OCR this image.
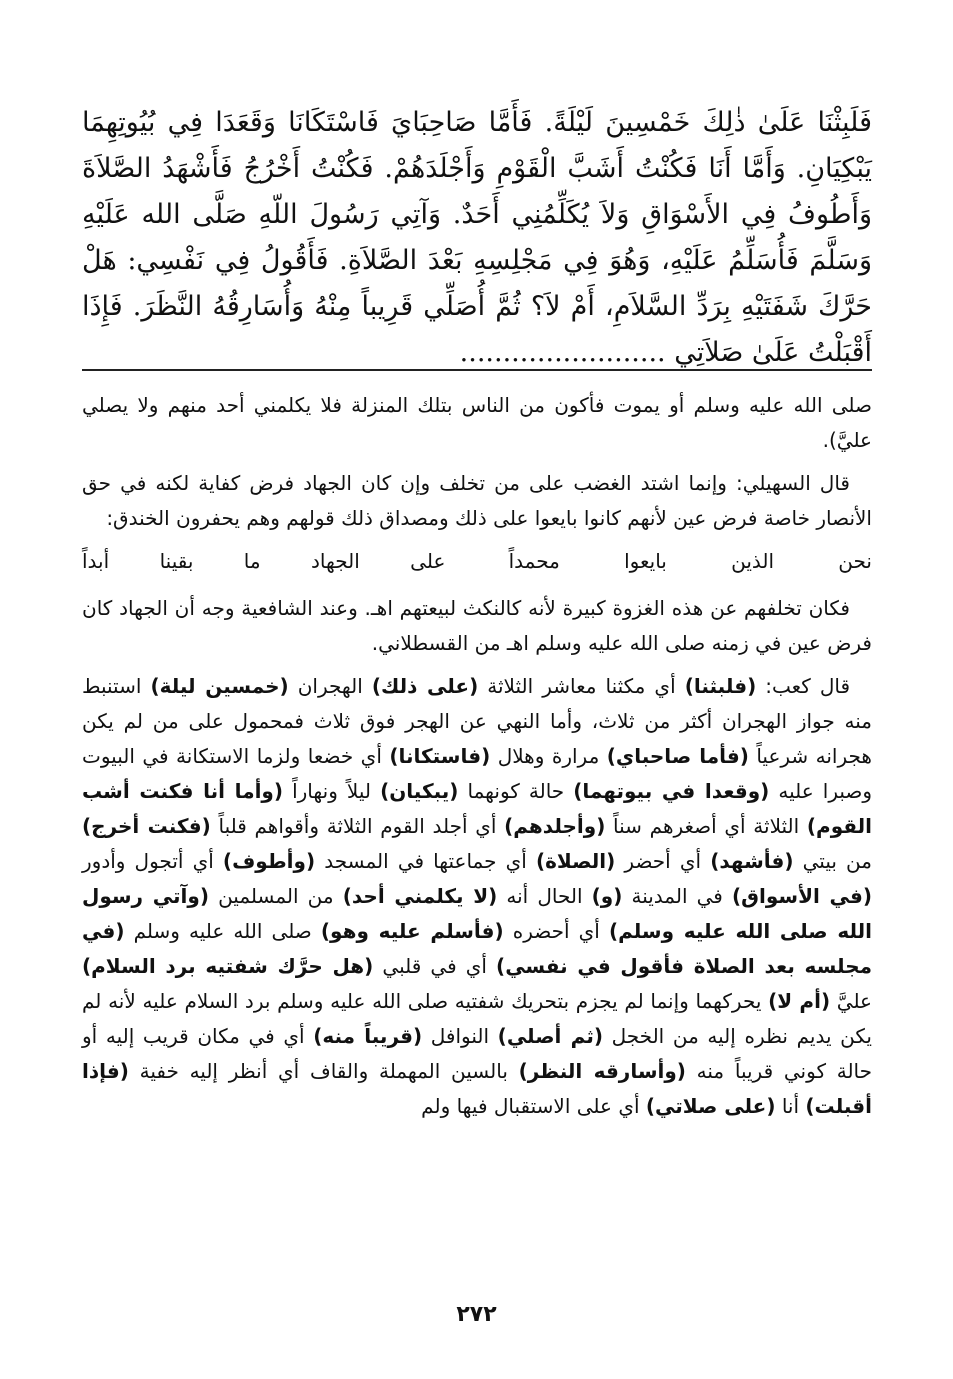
فَلَبِثْنَا عَلَىٰ ذٰلِكَ خَمْسِينَ لَيْلَةً. فَأَمَّا صَاحِبَايَ فَاسْتَكَانَا وَقَعَدَا فِي بُيُوتِهِمَا يَبْكِيَانِ. وَأَمَّا أَنَا فَكُنْتُ أَشَبَّ الْقَوْمِ وَأَجْلَدَهُمْ. فَكُنْتُ أَخْرُجُ فَأَشْهَدُ الصَّلاَةَ وَأَطُوفُ فِي الأَسْوَاقِ وَلاَ يُكَلِّمُنِي أَحَدٌ. وَآتِي رَسُولَ اللّهِ صَلَّى الله عَلَيْهِ وَسَلَّمَ فَأُسَلِّمُ عَلَيْهِ، وَهُوَ فِي مَجْلِسِهِ بَعْدَ الصَّلاَةِ. فَأَقُولُ فِي نَفْسِي: هَلْ حَرَّكَ شَفَتَيْهِ بِرَدِّ السَّلاَمِ، أَمْ لاَ؟ ثُمَّ أُصَلِّي قَرِيباً مِنْهُ وَأُسَارِقُهُ النَّظَرَ. فَإِذَا أَقْبَلْتُ عَلَىٰ صَلاَتِي ........................

صلى الله عليه وسلم أو يموت فأكون من الناس بتلك المنزلة فلا يكلمني أحد منهم ولا يصلي عليَّ).

قال السهيلي: وإنما اشتد الغضب على من تخلف وإن كان الجهاد فرض كفاية لكنه في حق الأنصار خاصة فرض عين لأنهم كانوا بايعوا على ذلك ومصداق ذلك قولهم وهم يحفرون الخندق:

نحن الذين بايعوا محمداً
على الجهاد ما بقينا أبداً

فكان تخلفهم عن هذه الغزوة كبيرة لأنه كالنكث لبيعتهم اهـ. وعند الشافعية وجه أن الجهاد كان فرض عين في زمنه صلى الله عليه وسلم اهـ من القسطلاني.

قال كعب: (فلبثنا) أي مكثنا معاشر الثلاثة (على ذلك) الهجران (خمسين ليلة) استنبط منه جواز الهجران أكثر من ثلاث، وأما النهي عن الهجر فوق ثلاث فمحمول على من لم يكن هجرانه شرعياً (فأما صاحباي) مرارة وهلال (فاستكانا) أي خضعا ولزما الاستكانة في البيوت وصبرا عليه (وقعدا في بيوتهما) حالة كونهما (يبكيان) ليلاً ونهاراً (وأما أنا فكنت أشب القوم) الثلاثة أي أصغرهم سناً (وأجلدهم) أي أجلد القوم الثلاثة وأقواهم قلباً (فكنت أخرج) من بيتي (فأشهد) أي أحضر (الصلاة) أي جماعتها في المسجد (وأطوف) أي أتجول وأدور (في الأسواق) في المدينة (و) الحال أنه (لا يكلمني أحد) من المسلمين (وآتي رسول الله صلى الله عليه وسلم) أي أحضره (فأسلم عليه وهو) صلى الله عليه وسلم (في مجلسه بعد الصلاة فأقول في نفسي) أي في قلبي (هل حرَّك شفتيه برد السلام) عليَّ (أم لا) يحركهما وإنما لم يجزم بتحريك شفتيه صلى الله عليه وسلم برد السلام عليه لأنه لم يكن يديم نظره إليه من الخجل (ثم أصلي) النوافل (قريباً منه) أي في مكان قريب إليه أو حالة كوني قريباً منه (وأسارقه النظر) بالسين المهملة والقاف أي أنظر إليه خفية (فإذا أقبلت) أنا (على صلاتي) أي على الاستقبال فيها ولم

٢٧٢
